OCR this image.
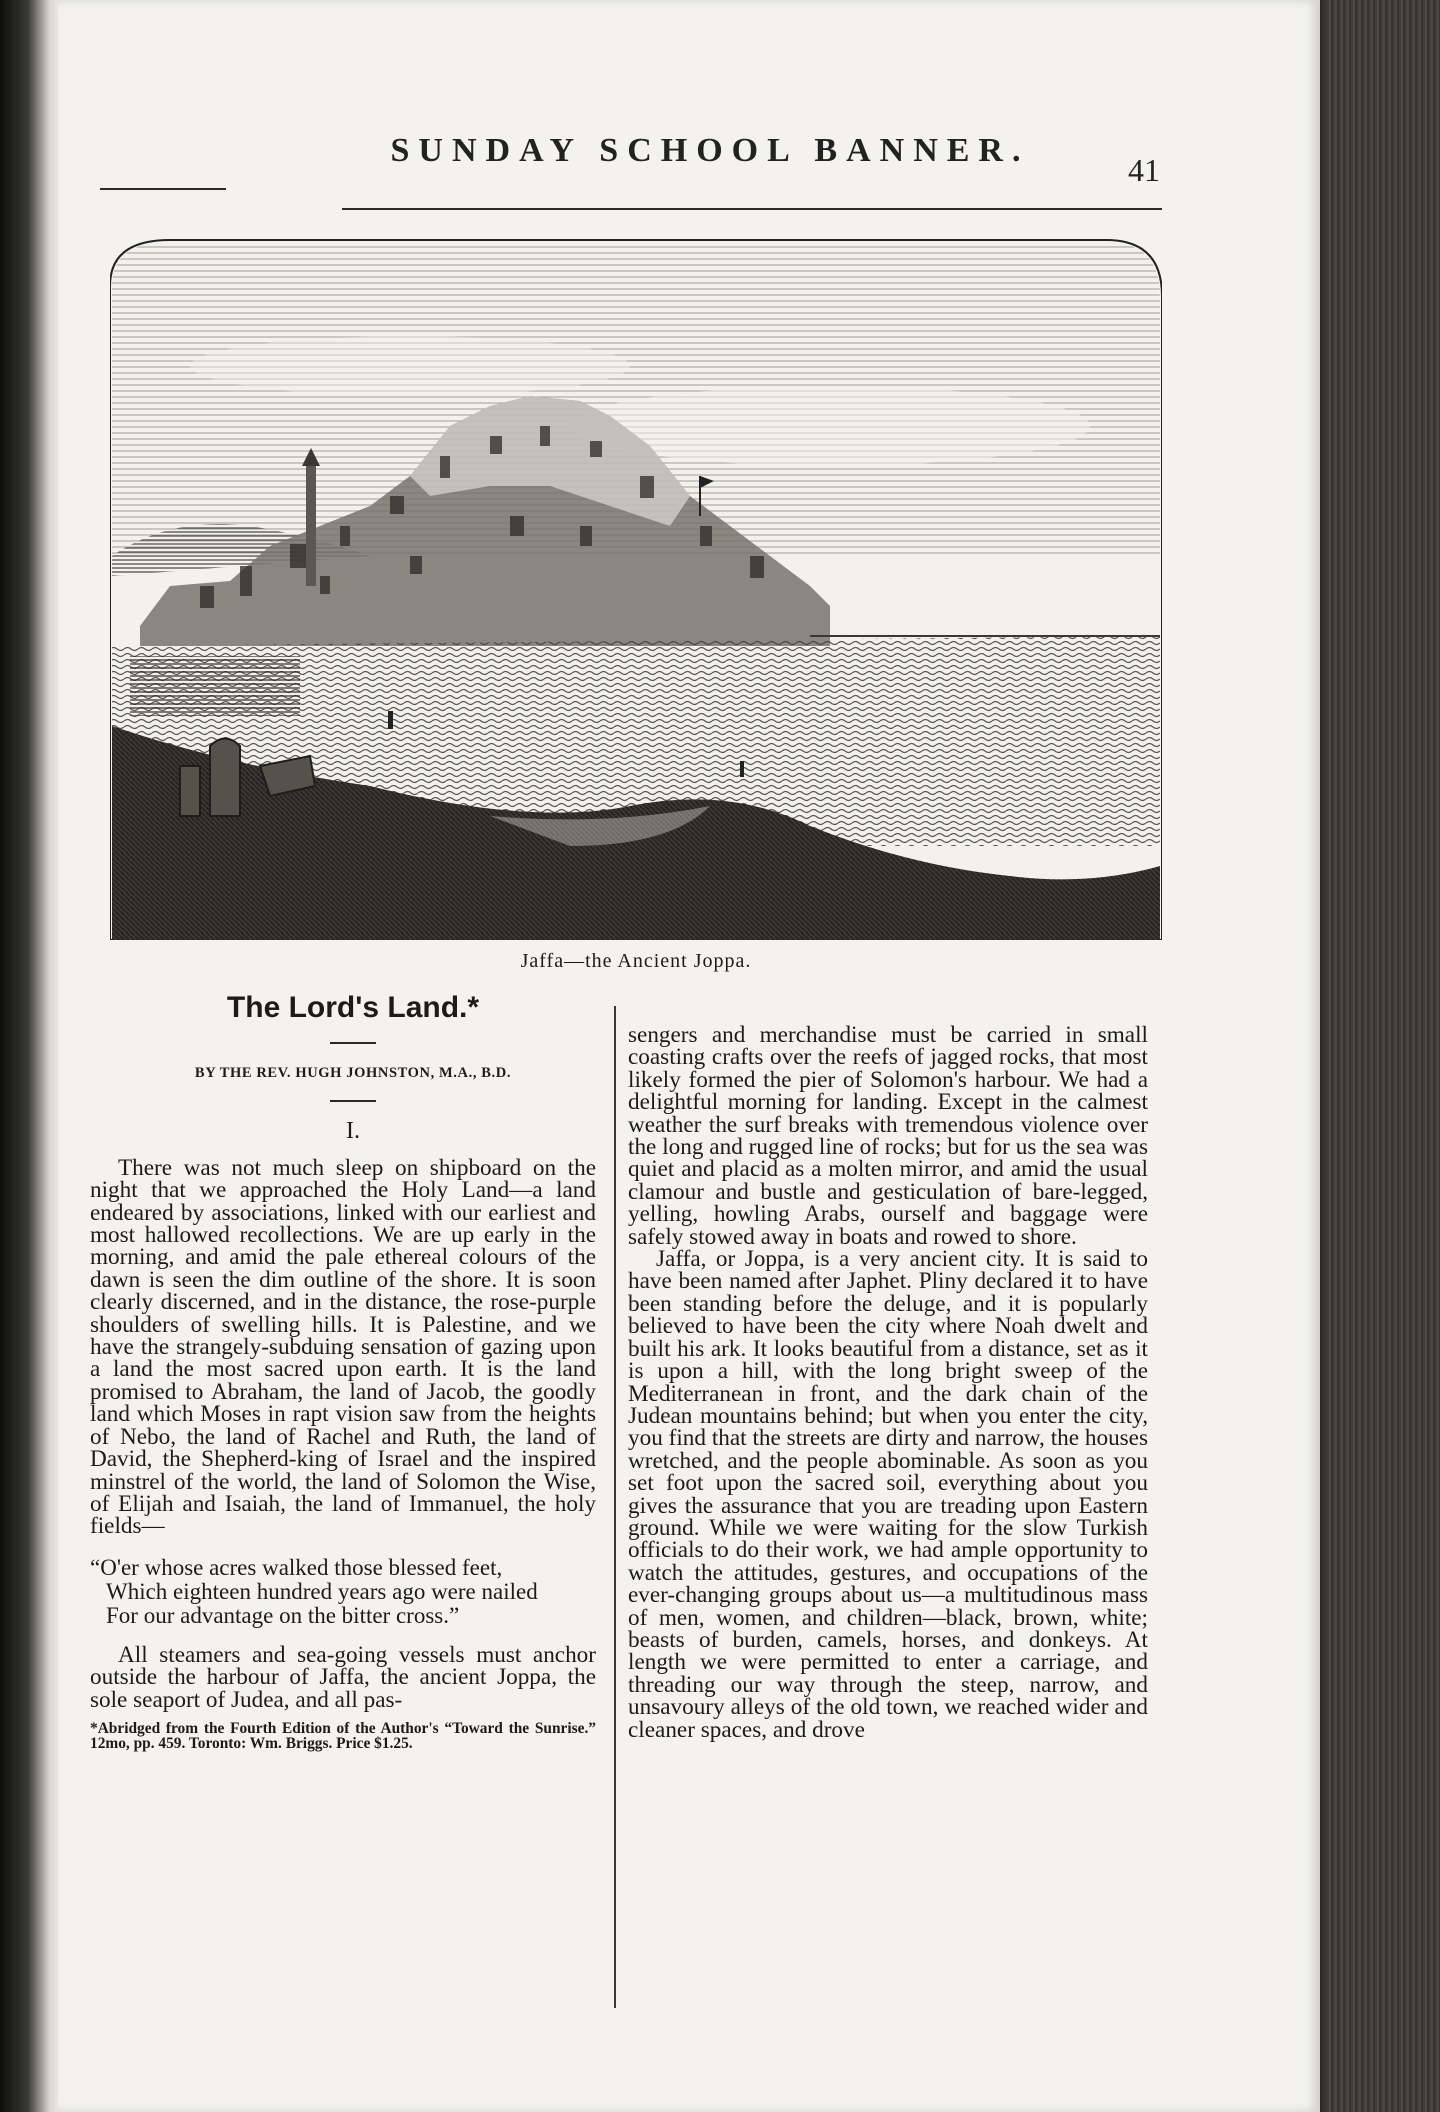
SUNDAY SCHOOL BANNER.
41
Jaffa—the Ancient Joppa.
The Lord's Land.*

BY THE REV. HUGH JOHNSTON, M.A., B.D.

I.

There was not much sleep on shipboard on the night that we approached the Holy Land—a land endeared by associations, linked with our earliest and most hallowed recollections. We are up early in the morning, and amid the pale ethereal colours of the dawn is seen the dim outline of the shore. It is soon clearly discerned, and in the distance, the rose-purple shoulders of swelling hills. It is Palestine, and we have the strangely-subduing sensation of gazing upon a land the most sacred upon earth. It is the land promised to Abraham, the land of Jacob, the goodly land which Moses in rapt vision saw from the heights of Nebo, the land of Rachel and Ruth, the land of David, the Shepherd-king of Israel and the inspired minstrel of the world, the land of Solomon the Wise, of Elijah and Isaiah, the land of Immanuel, the holy fields—

“O'er whose acres walked those blessed feet,
Which eighteen hundred years ago were nailed
For our advantage on the bitter cross.”

All steamers and sea-going vessels must anchor outside the harbour of Jaffa, the ancient Joppa, the sole seaport of Judea, and all pas-

*Abridged from the Fourth Edition of the Author's “Toward the Sunrise.” 12mo, pp. 459. Toronto: Wm. Briggs. Price $1.25.

sengers and merchandise must be carried in small coasting crafts over the reefs of jagged rocks, that most likely formed the pier of Solomon's harbour. We had a delightful morning for landing. Except in the calmest weather the surf breaks with tremendous violence over the long and rugged line of rocks; but for us the sea was quiet and placid as a molten mirror, and amid the usual clamour and bustle and gesticulation of bare-legged, yelling, howling Arabs, ourself and baggage were safely stowed away in boats and rowed to shore.

Jaffa, or Joppa, is a very ancient city. It is said to have been named after Japhet. Pliny declared it to have been standing before the deluge, and it is popularly believed to have been the city where Noah dwelt and built his ark. It looks beautiful from a distance, set as it is upon a hill, with the long bright sweep of the Mediterranean in front, and the dark chain of the Judean mountains behind; but when you enter the city, you find that the streets are dirty and narrow, the houses wretched, and the people abominable. As soon as you set foot upon the sacred soil, everything about you gives the assurance that you are treading upon Eastern ground. While we were waiting for the slow Turkish officials to do their work, we had ample opportunity to watch the attitudes, gestures, and occupations of the ever-changing groups about us—a multitudinous mass of men, women, and children—black, brown, white; beasts of burden, camels, horses, and donkeys. At length we were permitted to enter a carriage, and threading our way through the steep, narrow, and unsavoury alleys of the old town, we reached wider and cleaner spaces, and drove
